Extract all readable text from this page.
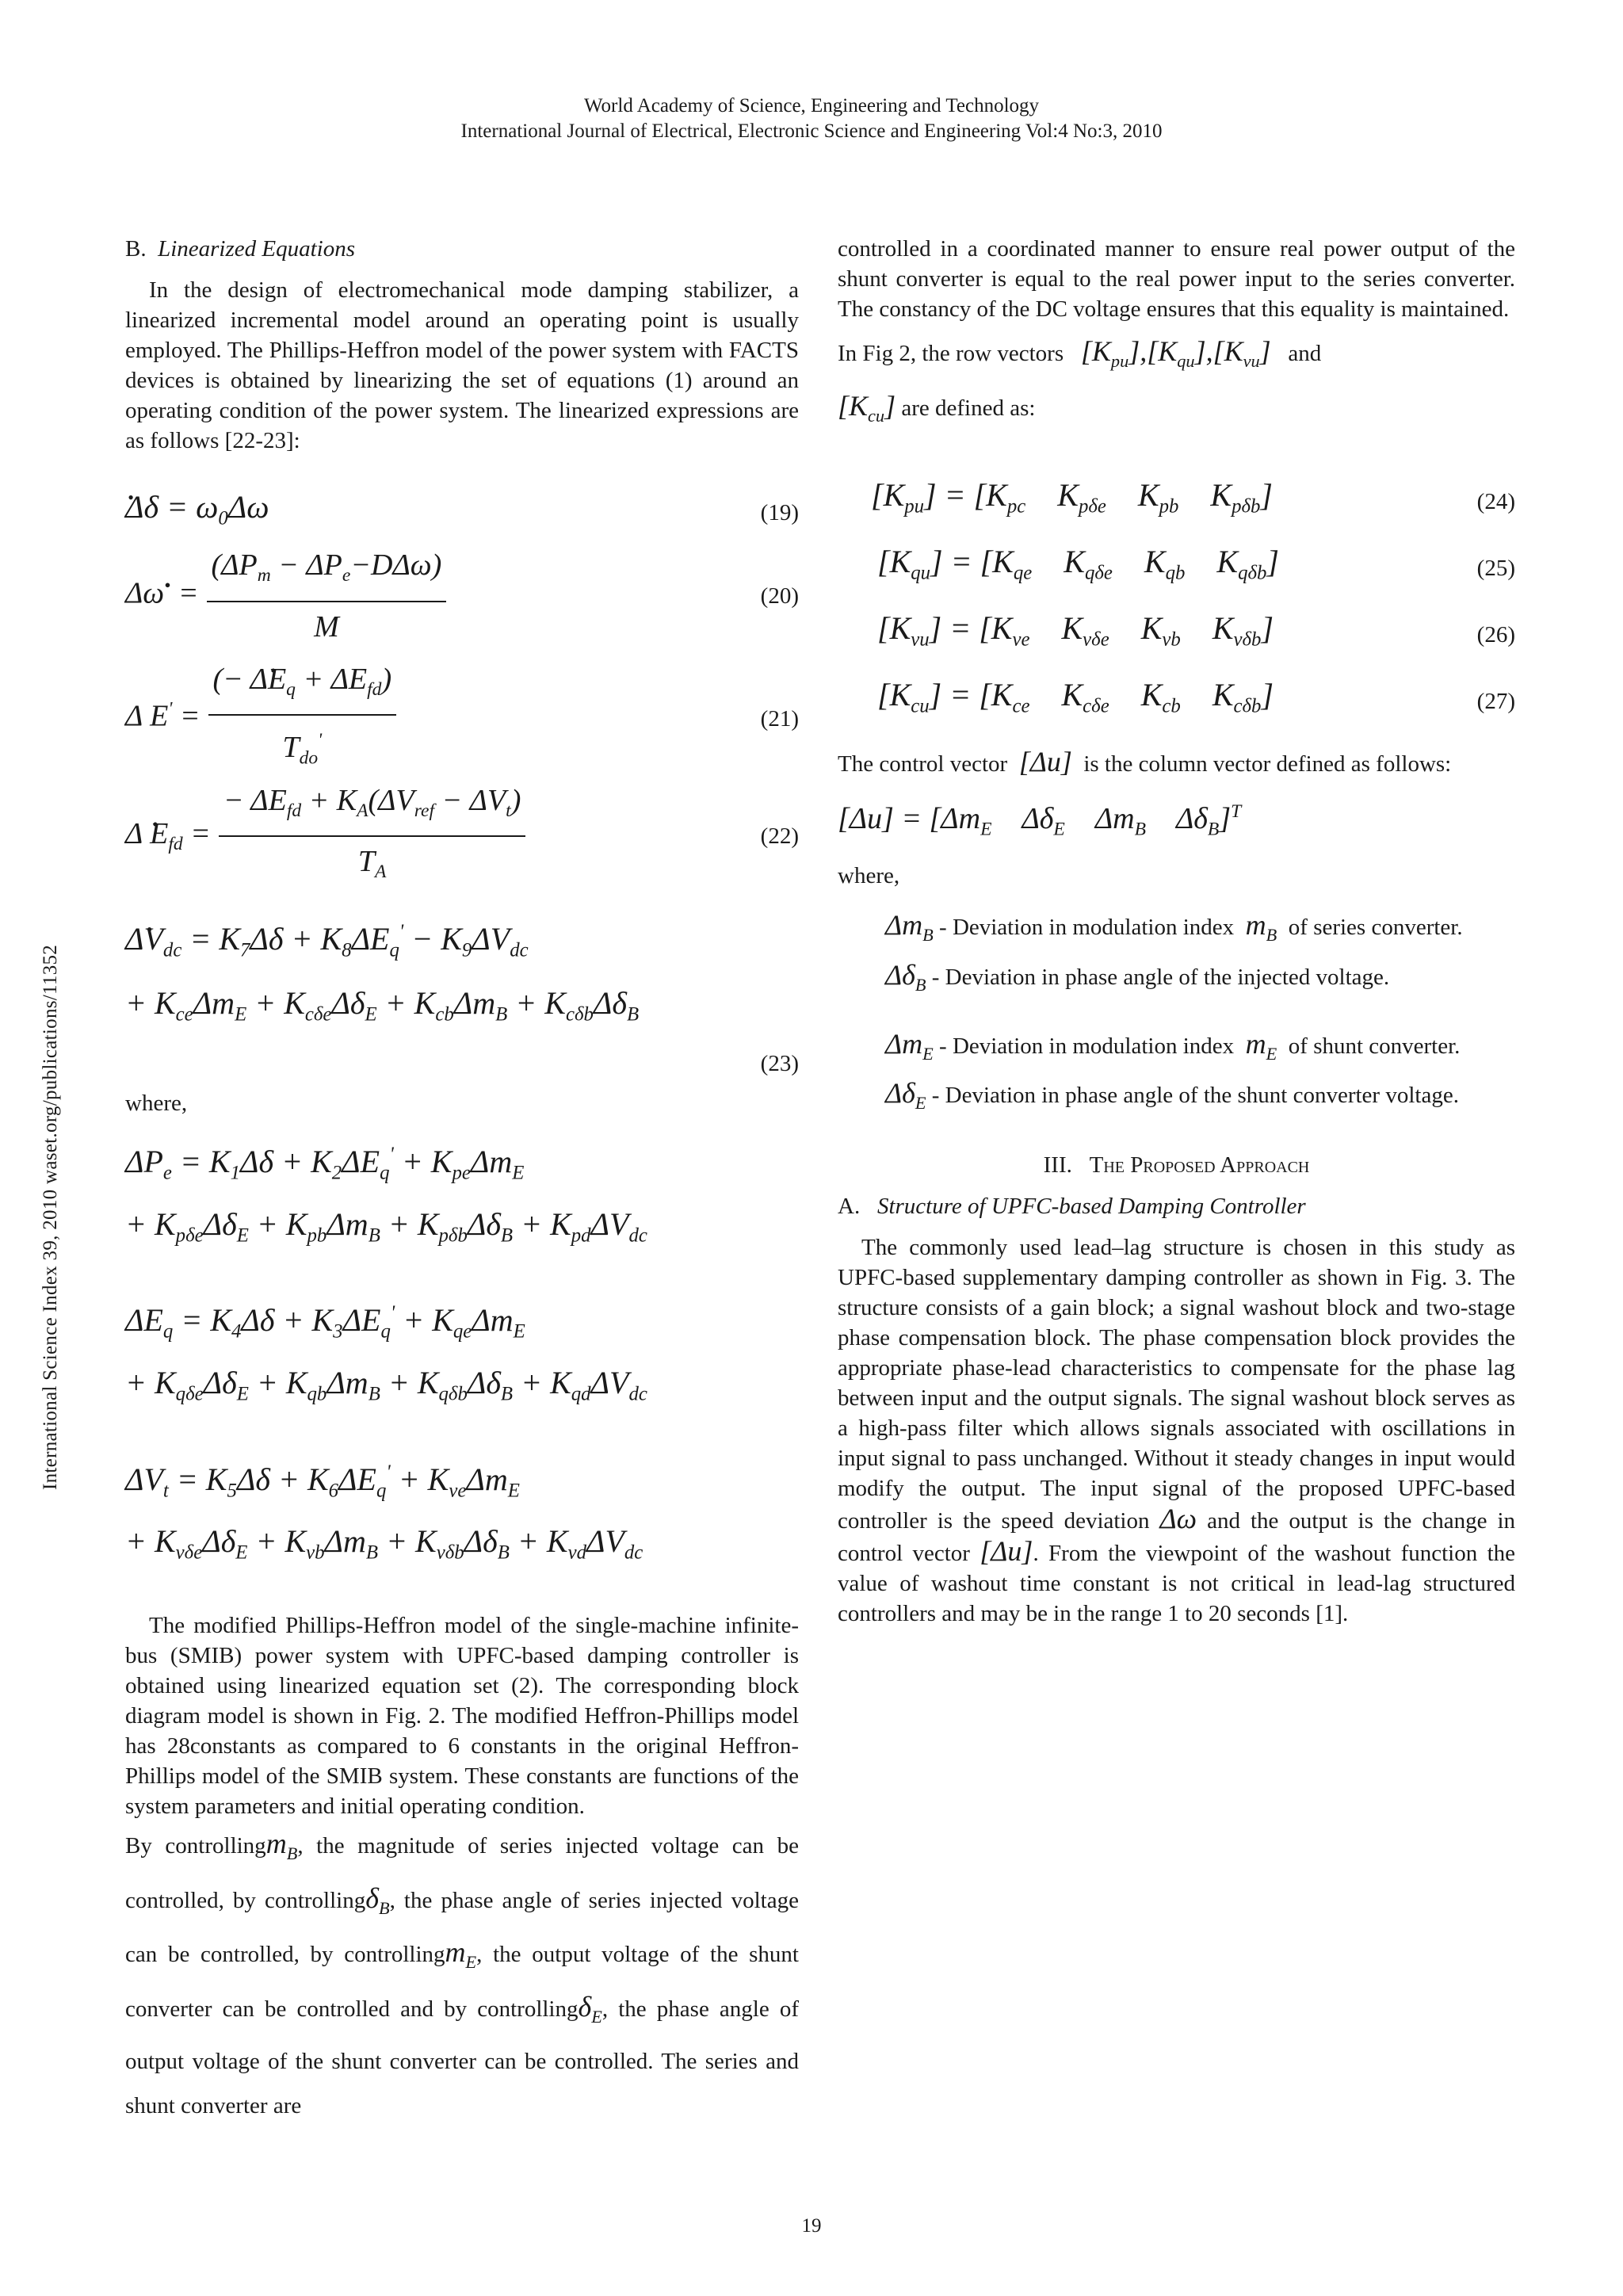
World Academy of Science, Engineering and Technology
International Journal of Electrical, Electronic Science and Engineering Vol:4 No:3, 2010
International Science Index 39, 2010 waset.org/publications/11352
B. Linearized Equations

In the design of electromechanical mode damping stabilizer, a linearized incremental model around an operating point is usually employed. The Phillips-Heffron model of the power system with FACTS devices is obtained by linearizing the set of equations (1) around an operating condition of the power system. The linearized expressions are as follows [22-23]:

• $\Delta\delta = \omega_0\Delta\omega$	(19)
$\Delta\omega^• = \frac{(\Delta P_m - \Delta P_e-D\Delta\omega)}{M}$	(20)
Δ $E' = \frac{(- \Delta• E_q + \Delta E_{fd})}{T_{do}'}$	(21)
Δ • $E_{fd} = \frac{- \Delta E_{fd} + K_A(\Delta V_{ref} - \Delta V_t)}{T_A}$	(22)
Δ• $V_{dc} = K_7\Delta\delta + K_8\Delta E_q' - K_9\Delta V_{dc}$
+ $K_{ce}\Delta m_E + K_{c\delta e}\Delta\delta_E + K_{cb}\Delta m_B + K_{c\delta b}\Delta\delta_B$
(23)

where,

$\Delta P_e = K_1\Delta\delta + K_2\Delta E_q' + K_{pe}\Delta m_E$
+ $K_{p\delta e}\Delta\delta_E + K_{pb}\Delta m_B + K_{p\delta b}\Delta\delta_B + K_{pd}\Delta V_{dc}$
$\Delta E_q = K_4\Delta\delta + K_3\Delta E_q' + K_{qe}\Delta m_E$
+ $K_{q\delta e}\Delta\delta_E + K_{qb}\Delta m_B + K_{q\delta b}\Delta\delta_B + K_{qd}\Delta V_{dc}$
$\Delta V_t = K_5\Delta\delta + K_6\Delta E_q' + K_{ve}\Delta m_E$
+ $K_{v\delta e}\Delta\delta_E + K_{vb}\Delta m_B + K_{v\delta b}\Delta\delta_B + K_{vd}\Delta V_{dc}$

The modified Phillips-Heffron model of the single-machine infinite-bus (SMIB) power system with UPFC-based damping controller is obtained using linearized equation set (2). The corresponding block diagram model is shown in Fig. 2. The modified Heffron-Phillips model has 28constants as compared to 6 constants in the original Heffron-Phillips model of the SMIB system. These constants are functions of the system parameters and initial operating condition.

By controllingm$_B$, the magnitude of series injected voltage can be controlled, by controllingδ$_B$, the phase angle of series injected voltage can be controlled, by controllingm$_E$, the output voltage of the shunt converter can be controlled and by controllingδ$_E$, the phase angle of output voltage of the shunt converter can be controlled. The series and shunt converter are

controlled in a coordinated manner to ensure real power output of the shunt converter is equal to the real power input to the series converter. The constancy of the DC voltage ensures that this equality is maintained.

In Fig 2, the row vectors $[K_{pu}],[K_{qu}],[K_{vu}]$ and
$[K_{cu}]$ are defined as:

$[K_{pu}] = [K_{pc}$    $K_{p\delta e}$    $K_{pb}$    $K_{p\delta b}$]	(24)
$[K_{qu}] = [K_{qe}$    $K_{q\delta e}$    $K_{qb}$    $K_{q\delta b}$]	(25)
$[K_{vu}] = [K_{ve}$    $K_{v\delta e}$    $K_{vb}$    $K_{v\delta b}$]	(26)
$[K_{cu}] = [K_{ce}$    $K_{c\delta e}$    $K_{cb}$    $K_{c\delta b}$]	(27)

The control vector [Δu] is the column vector defined as follows:

$[\Delta u] = [\Delta m_E$    $\Delta\delta_E$    $\Delta m_B$    $\Delta\delta_B]^T$

where,

$\Delta m_B$ - Deviation in modulation index $m_B$ of series converter.

$\Delta\delta_B$ - Deviation in phase angle of the injected voltage.

$\Delta m_E$ - Deviation in modulation index $m_E$ of shunt converter.

$\Delta\delta_E$ - Deviation in phase angle of the shunt converter voltage.

III. The Proposed Approach
A. Structure of UPFC-based Damping Controller

The commonly used lead–lag structure is chosen in this study as UPFC-based supplementary damping controller as shown in Fig. 3. The structure consists of a gain block; a signal washout block and two-stage phase compensation block. The phase compensation block provides the appropriate phase-lead characteristics to compensate for the phase lag between input and the output signals. The signal washout block serves as a high-pass filter which allows signals associated with oscillations in input signal to pass unchanged. Without it steady changes in input would modify the output. The input signal of the proposed UPFC-based controller is the speed deviation Δω and the output is the change in control vector [Δu]. From the viewpoint of the washout function the value of washout time constant is not critical in lead-lag structured controllers and may be in the range 1 to 20 seconds [1].

19
